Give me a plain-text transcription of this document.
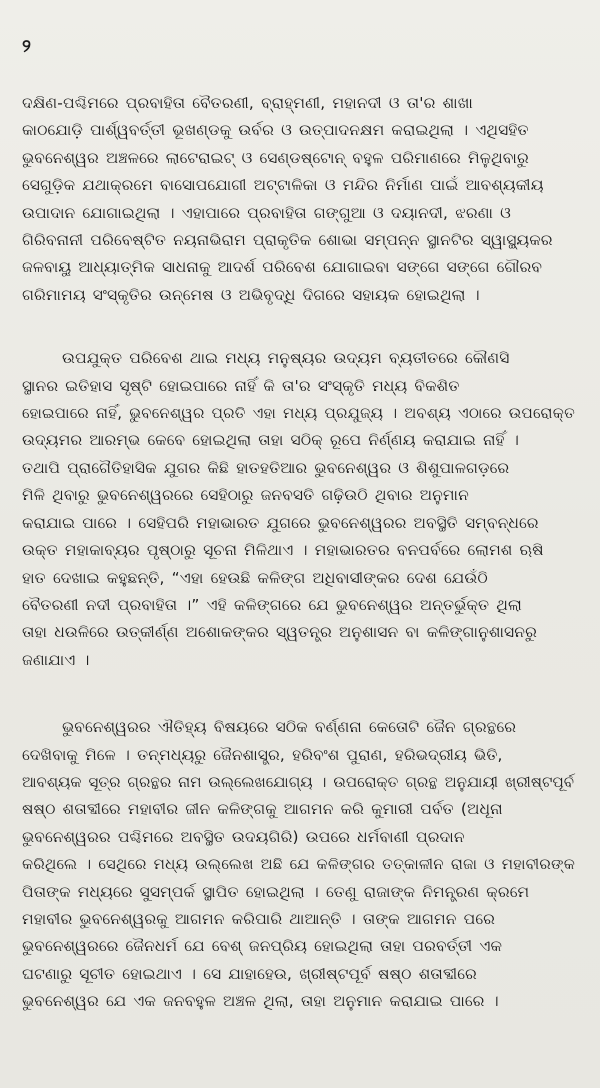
୨

ଦକ୍ଷିଣ-ପଶ୍ଚିମରେ ପ୍ରବାହିତା ବୈତରଣୀ, ବ୍ରାହ୍ମଣୀ, ମହାନଦୀ ଓ ତା'ର ଶାଖା

କାଠଯୋଡ଼ି ପାର୍ଶ୍ୱବର୍ତ୍ତୀ ଭୂଖଣ୍ଡକୁ ଉର୍ବର ଓ ଉତ୍ପାଦନକ୍ଷମ କରାଇଥିଲା । ଏଥିସହିତ

ଭୁବନେଶ୍ୱର ଅଞ୍ଚଳରେ ଲାଟେରାଇଟ୍ ଓ ସେଣ୍ଡଷ୍ଟୋନ୍ ବହୁଳ ପରିମାଣରେ ମିଳୁଥିବାରୁ

ସେଗୁଡ଼ିକ ଯଥାକ୍ରମେ ବାସୋପଯୋଗୀ ଅଟ୍ଟାଳିକା ଓ ମନ୍ଦିର ନିର୍ମାଣ ପାଇଁ ଆବଶ୍ୟକୀୟ

ଉପାଦାନ ଯୋଗାଇଥିଲା । ଏହାପାରେ ପ୍ରବାହିତା ଗଙ୍ଗୁଆ ଓ ଦୟାନଦୀ, ଝରଣା ଓ

ଗିରିବନାନୀ ପରିବେଷ୍ଟିତ ନୟନାଭିରାମ ପ୍ରାକୃତିକ ଶୋଭା ସମ୍ପନ୍ନ ସ୍ଥାନଟିର ସ୍ୱାସ୍ଥ୍ୟକର

ଜଳବାୟୁ ଆଧ୍ୟାତ୍ମିକ ସାଧନାକୁ ଆଦର୍ଶ ପରିବେଶ ଯୋଗାଇବା ସଙ୍ଗେ ସଙ୍ଗେ ଗୌରବ

ଗରିମାମୟ ସଂସ୍କୃତିର ଉନ୍ମେଷ ଓ ଅଭିବୃଦ୍ଧି ଦିଗରେ ସହାୟକ ହୋଇଥିଲା ।

ଉପଯୁକ୍ତ ପରିବେଶ ଥାଇ ମଧ୍ୟ ମନୁଷ୍ୟର ଉଦ୍ୟମ ବ୍ୟତୀତରେ କୌଣସି

ସ୍ଥାନର ଇତିହାସ ସୃଷ୍ଟି ହୋଇପାରେ ନାହିଁ କି ତା'ର ସଂସ୍କୃତି ମଧ୍ୟ ବିକଶିତ

ହୋଇପାରେ ନାହିଁ, ଭୁବନେଶ୍ୱର ପ୍ରତି ଏହା ମଧ୍ୟ ପ୍ରଯୁଜ୍ୟ । ଅବଶ୍ୟ ଏଠାରେ ଉପରୋକ୍ତ

ଉଦ୍ୟମର ଆରମ୍ଭ କେବେ ହୋଇଥିଲା ତାହା ସଠିକ୍ ରୂପେ ନିର୍ଣ୍ଣୟ କରାଯାଇ ନାହିଁ ।

ତଥାପି ପ୍ରାଗୈତିହାସିକ ଯୁଗର କିଛି ହାତହତିଆର ଭୁବନେଶ୍ୱର ଓ ଶିଶୁପାଳଗଡ଼ରେ

ମିଳି ଥିବାରୁ ଭୁବନେଶ୍ୱରରେ ସେହିଠାରୁ ଜନବସତି ଗଢ଼ିଉଠି ଥିବାର ଅନୁମାନ

କରାଯାଇ ପାରେ । ସେହିପରି ମହାଭାରତ ଯୁଗରେ ଭୁବନେଶ୍ୱରର ଅବସ୍ଥିତି ସମ୍ବନ୍ଧରେ

ଉକ୍ତ ମହାକାବ୍ୟର ପୃଷ୍ଠାରୁ ସୂଚନା ମିଳିଥାଏ । ମହାଭାରତର ବନପର୍ବରେ ଲୋମଶ ଋଷି

ହାତ ଦେଖାଇ କହୁଛନ୍ତି, “ଏହା ହେଉଛି କଳିଙ୍ଗ ଅଧିବାସୀଙ୍କର ଦେଶ ଯେଉଁଠି

ବୈତରଣୀ ନଦୀ ପ୍ରବାହିତା ।” ଏହି କଳିଙ୍ଗରେ ଯେ ଭୁବନେଶ୍ୱର ଅନ୍ତର୍ଭୁକ୍ତ ଥିଲା

ତାହା ଧଉଳିରେ ଉତ୍କୀର୍ଣ୍ଣ ଅଶୋକଙ୍କର ସ୍ୱତନ୍ତ୍ର ଅନୁଶାସନ ବା କଳିଙ୍ଗାନୁଶାସନରୁ

ଜଣାଯାଏ ।

ଭୁବନେଶ୍ୱରର ଐତିହ୍ୟ ବିଷୟରେ ସଠିକ ବର୍ଣ୍ଣନା କେତୋଟି ଜୈନ ଗ୍ରନ୍ଥରେ

ଦେଖିବାକୁ ମିଳେ । ତନ୍ମଧ୍ୟରୁ ଜୈନଶାସ୍ତ୍ର, ହରିବଂଶ ପୁରାଣ, ହରିଭଦ୍ରୀୟ ଭିତି,

ଆବଶ୍ୟକ ସୂତ୍ର ଗ୍ରନ୍ଥର ନାମ ଉଲ୍ଲେଖଯୋଗ୍ୟ । ଉପରୋକ୍ତ ଗ୍ରନ୍ଥ ଅନୁଯାୟୀ ଖ୍ରୀଷ୍ଟପୂର୍ବ

ଷଷ୍ଠ ଶତାବ୍ଦୀରେ ମହାବୀର ଜୀନ କଳିଙ୍ଗକୁ ଆଗମନ କରି କୁମାରୀ ପର୍ବତ (ଅଧୂନା

ଭୁବନେଶ୍ୱରର ପଶ୍ଚିମରେ ଅବସ୍ଥିତ ଉଦୟଗିରି) ଉପରେ ଧର୍ମବାଣୀ ପ୍ରଦାନ

କରିଥିଲେ । ସେଥିରେ ମଧ୍ୟ ଉଲ୍ଲେଖ ଅଛି ଯେ କଳିଙ୍ଗର ତତ୍କାଳୀନ ରାଜା ଓ ମହାବୀରଙ୍କ

ପିତାଙ୍କ ମଧ୍ୟରେ ସୁସମ୍ପର୍କ ସ୍ଥାପିତ ହୋଇଥିଲା । ତେଣୁ ରାଜାଙ୍କ ନିମନ୍ତ୍ରଣ କ୍ରମେ

ମହାବୀର ଭୁବନେଶ୍ୱରକୁ ଆଗମନ କରିପାରି ଥାଆନ୍ତି । ତାଙ୍କ ଆଗମନ ପରେ

ଭୁବନେଶ୍ୱରରେ ଜୈନଧର୍ମ ଯେ ବେଶ୍ ଜନପ୍ରିୟ ହୋଇଥିଲା ତାହା ପରବର୍ତ୍ତୀ ଏକ

ଘଟଣାରୁ ସୂଚୀତ ହୋଇଥାଏ । ସେ ଯାହାହେଉ, ଖ୍ରୀଷ୍ଟପୂର୍ବ ଷଷ୍ଠ ଶତାବ୍ଦୀରେ

ଭୁବନେଶ୍ୱର ଯେ ଏକ ଜନବହୁଳ ଅଞ୍ଚଳ ଥିଲା, ତାହା ଅନୁମାନ କରାଯାଇ ପାରେ ।
